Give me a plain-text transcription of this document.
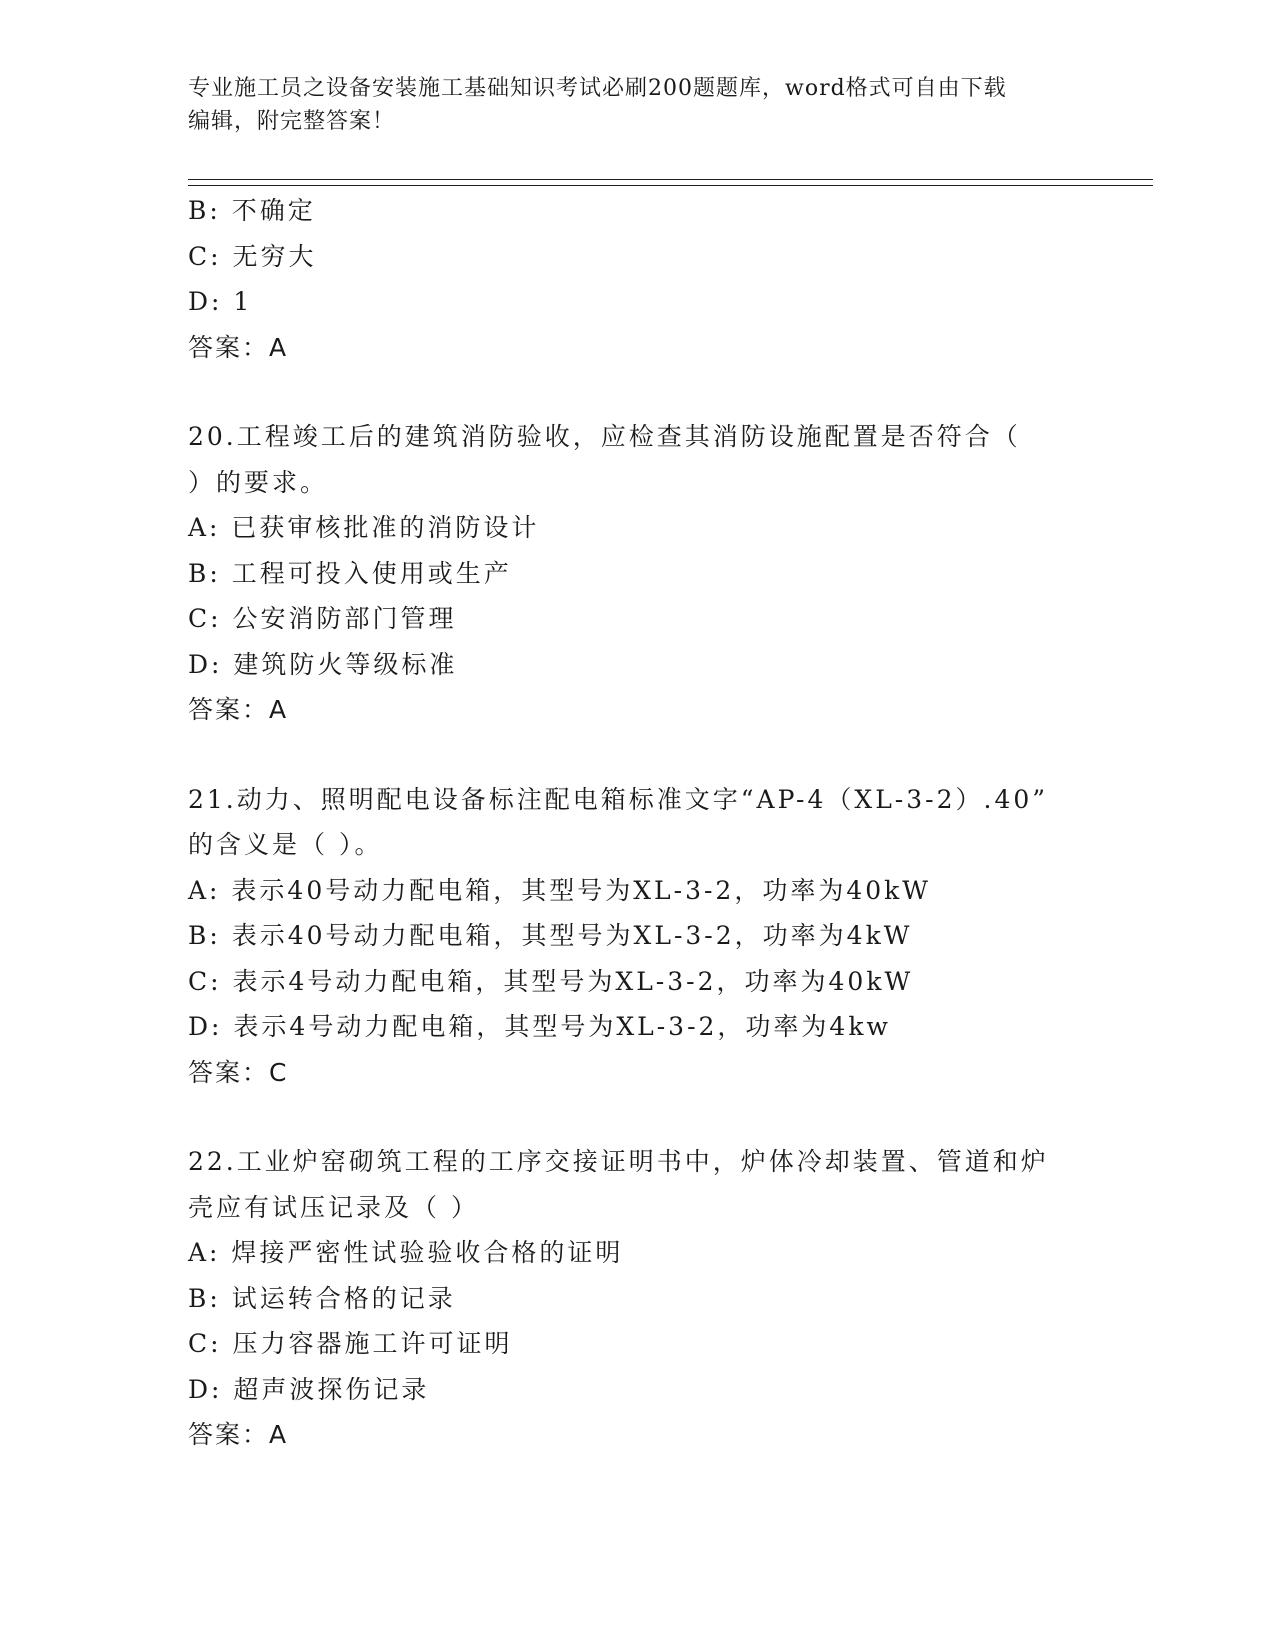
专业施工员之设备安装施工基础知识考试必刷200题题库，word格式可自由下载
编辑，附完整答案！
B: 不确定
C: 无穷大
D: 1
答案：A
20.工程竣工后的建筑消防验收，应检查其消防设施配置是否符合（
）的要求。
A: 已获审核批准的消防设计
B: 工程可投入使用或生产
C: 公安消防部门管理
D: 建筑防火等级标准
答案：A
21.动力、照明配电设备标注配电箱标准文字“AP-4（XL-3-2）.40”
的含义是（ ）。
A: 表示40号动力配电箱，其型号为XL-3-2，功率为40kW
B: 表示40号动力配电箱，其型号为XL-3-2，功率为4kW
C: 表示4号动力配电箱，其型号为XL-3-2，功率为40kW
D: 表示4号动力配电箱，其型号为XL-3-2，功率为4kw
答案：C
22.工业炉窑砌筑工程的工序交接证明书中，炉体冷却装置、管道和炉
壳应有试压记录及（ ）
A: 焊接严密性试验验收合格的证明
B: 试运转合格的记录
C: 压力容器施工许可证明
D: 超声波探伤记录
答案：A
